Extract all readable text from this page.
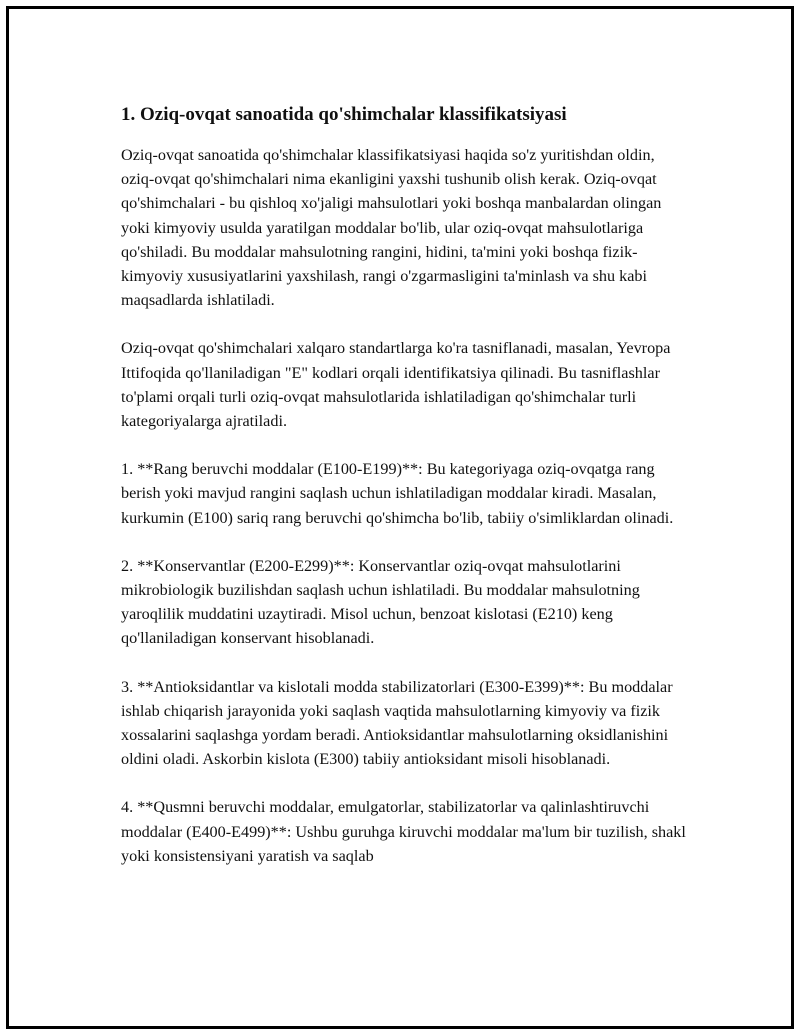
1. Oziq-ovqat sanoatida qo'shimchalar klassifikatsiyasi

Oziq-ovqat sanoatida qo'shimchalar klassifikatsiyasi haqida so'z yuritishdan oldin, oziq-ovqat qo'shimchalari nima ekanligini yaxshi tushunib olish kerak. Oziq-ovqat qo'shimchalari - bu qishloq xo'jaligi mahsulotlari yoki boshqa manbalardan olingan yoki kimyoviy usulda yaratilgan moddalar bo'lib, ular oziq-ovqat mahsulotlariga qo'shiladi. Bu moddalar mahsulotning rangini, hidini, ta'mini yoki boshqa fizik-kimyoviy xususiyatlarini yaxshilash, rangi o'zgarmasligini ta'minlash va shu kabi maqsadlarda ishlatiladi.

Oziq-ovqat qo'shimchalari xalqaro standartlarga ko'ra tasniflanadi, masalan, Yevropa Ittifoqida qo'llaniladigan "E" kodlari orqali identifikatsiya qilinadi. Bu tasniflashlar to'plami orqali turli oziq-ovqat mahsulotlarida ishlatiladigan qo'shimchalar turli kategoriyalarga ajratiladi.

1. **Rang beruvchi moddalar (E100-E199)**: Bu kategoriyaga oziq-ovqatga rang berish yoki mavjud rangini saqlash uchun ishlatiladigan moddalar kiradi. Masalan, kurkumin (E100) sariq rang beruvchi qo'shimcha bo'lib, tabiiy o'simliklardan olinadi.

2. **Konservantlar (E200-E299)**: Konservantlar oziq-ovqat mahsulotlarini mikrobiologik buzilishdan saqlash uchun ishlatiladi. Bu moddalar mahsulotning yaroqlilik muddatini uzaytiradi. Misol uchun, benzoat kislotasi (E210) keng qo'llaniladigan konservant hisoblanadi.

3. **Antioksidantlar va kislotali modda stabilizatorlari (E300-E399)**: Bu moddalar ishlab chiqarish jarayonida yoki saqlash vaqtida mahsulotlarning kimyoviy va fizik xossalarini saqlashga yordam beradi. Antioksidantlar mahsulotlarning oksidlanishini oldini oladi. Askorbin kislota (E300) tabiiy antioksidant misoli hisoblanadi.

4. **Qusmni beruvchi moddalar, emulgatorlar, stabilizatorlar va qalinlashtiruvchi moddalar (E400-E499)**: Ushbu guruhga kiruvchi moddalar ma'lum bir tuzilish, shakl yoki konsistensiyani yaratish va saqlab
